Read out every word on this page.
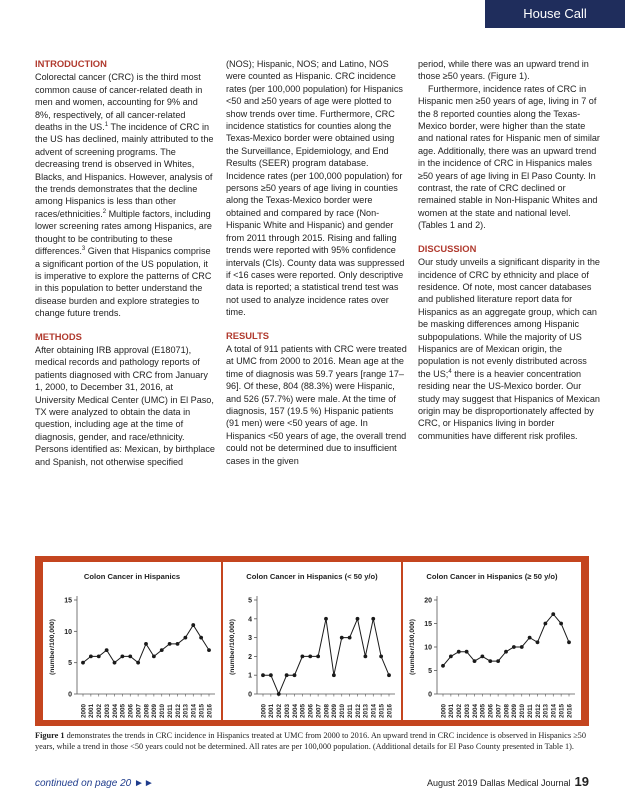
House Call
INTRODUCTION

Colorectal cancer (CRC) is the third most common cause of cancer-related death in men and women, accounting for 9% and 8%, respectively, of all cancer-related deaths in the US.$^1$ The incidence of CRC in the US has declined, mainly attributed to the advent of screening programs. The decreasing trend is observed in Whites, Blacks, and Hispanics. However, analysis of the trends demonstrates that the decline among Hispanics is less than other races/ethnicities.$^2$ Multiple factors, including lower screening rates among Hispanics, are thought to be contributing to these differences.$^3$ Given that Hispanics comprise a significant portion of the US population, it is imperative to explore the patterns of CRC in this population to better understand the disease burden and explore strategies to change future trends.

METHODS

After obtaining IRB approval (E18071), medical records and pathology reports of patients diagnosed with CRC from January 1, 2000, to December 31, 2016, at University Medical Center (UMC) in El Paso, TX were analyzed to obtain the data in question, including age at the time of diagnosis, gender, and race/ethnicity. Persons identified as: Mexican, by birthplace and Spanish, not otherwise specified

(NOS); Hispanic, NOS; and Latino, NOS were counted as Hispanic. CRC incidence rates (per 100,000 population) for Hispanics <50 and ≥50 years of age were plotted to show trends over time. Furthermore, CRC incidence statistics for counties along the Texas-Mexico border were obtained using the Surveillance, Epidemiology, and End Results (SEER) program database. Incidence rates (per 100,000 population) for persons ≥50 years of age living in counties along the Texas-Mexico border were obtained and compared by race (Non-Hispanic White and Hispanic) and gender from 2011 through 2015. Rising and falling trends were reported with 95% confidence intervals (CIs). County data was suppressed if <16 cases were reported. Only descriptive data is reported; a statistical trend test was not used to analyze incidence rates over time.

RESULTS

A total of 911 patients with CRC were treated at UMC from 2000 to 2016. Mean age at the time of diagnosis was 59.7 years [range 17–96]. Of these, 804 (88.3%) were Hispanic, and 526 (57.7%) were male. At the time of diagnosis, 157 (19.5 %) Hispanic patients (91 men) were <50 years of age. In Hispanics <50 years of age, the overall trend could not be determined due to insufficient cases in the given

period, while there was an upward trend in those ≥50 years. (Figure 1).

Furthermore, incidence rates of CRC in Hispanic men ≥50 years of age, living in 7 of the 8 reported counties along the Texas-Mexico border, were higher than the state and national rates for Hispanic men of similar age. Additionally, there was an upward trend in the incidence of CRC in Hispanics males ≥50 years of age living in El Paso County. In contrast, the rate of CRC declined or remained stable in Non-Hispanic Whites and women at the state and national level. (Tables 1 and 2).

DISCUSSION

Our study unveils a significant disparity in the incidence of CRC by ethnicity and place of residence. Of note, most cancer databases and published literature report data for Hispanics as an aggregate group, which can be masking differences among Hispanic subpopulations. While the majority of US Hispanics are of Mexican origin, the population is not evenly distributed across the US;$^4$ there is a heavier concentration residing near the US-Mexico border. Our study may suggest that Hispanics of Mexican origin may be disproportionately affected by CRC, or Hispanics living in border communities have different risk profiles.

Colon Cancer in Hispanics
(number/100,000)
0
5
10
15
2000 2001 2002 2003 2004 2005 2006 2007 2008 2009 2010 2011 2012 2013 2014 2015 2016
Colon Cancer in Hispanics (< 50 y/o)
(number/100,000)
0
1
2
3
4
5
2000 2001 2002 2003 2004 2005 2006 2007 2008 2009 2010 2011 2012 2013 2014 2015 2016
Colon Cancer in Hispanics (≥ 50 y/o)
(number/100,000)
0
5
10
15
20
2000 2001 2002 2003 2004 2005 2006 2007 2008 2009 2010 2011 2012 2013 2014 2015 2016
Figure 1 demonstrates the trends in CRC incidence in Hispanics treated at UMC from 2000 to 2016. An upward trend in CRC incidence is observed in Hispanics ≥50 years, while a trend in those <50 years could not be determined. All rates are per 100,000 population. (Additional details for El Paso County presented in Table 1).
continued on page 20 ►►	August 2019 Dallas Medical Journal 19
